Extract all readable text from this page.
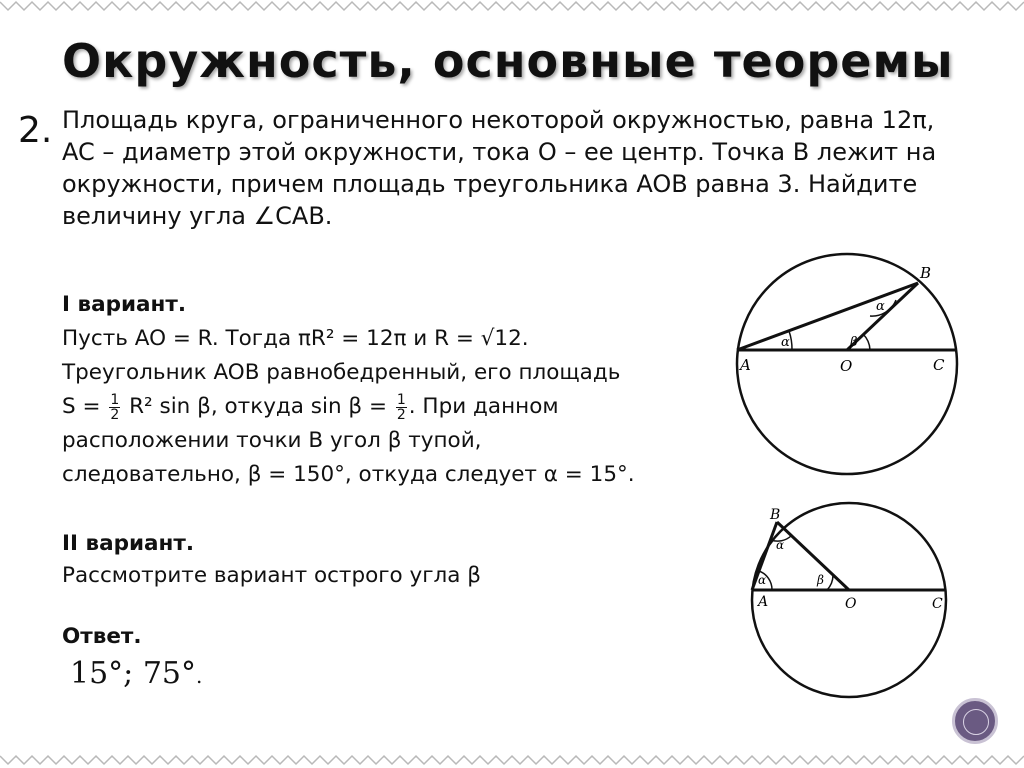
Окружность, основные теоремы
2. Площадь круга, ограниченного некоторой окружностью, равна 12π,
AC – диаметр этой окружности, тока O – ее центр. Точка B лежит на
окружности, причем площадь треугольника AOB равна 3. Найдите
величину угла ∠CAB.
I вариант.
Пусть AO = R. Тогда πR² = 12π и R = √12.
Треугольник AOB равнобедренный, его площадь
$S = \frac{1}{2} R^2$ sin β, откуда $\sin \beta = \frac{1}{2}$ . При данном
расположении точки B угол β тупой,
следовательно, β = 150°, откуда следует α = 15°.
II вариант.
Рассмотрите вариант острого угла β
Ответ.
15°; 75°.
A	O	C
B
α
α
β
A	O	C
B
α
α
β
